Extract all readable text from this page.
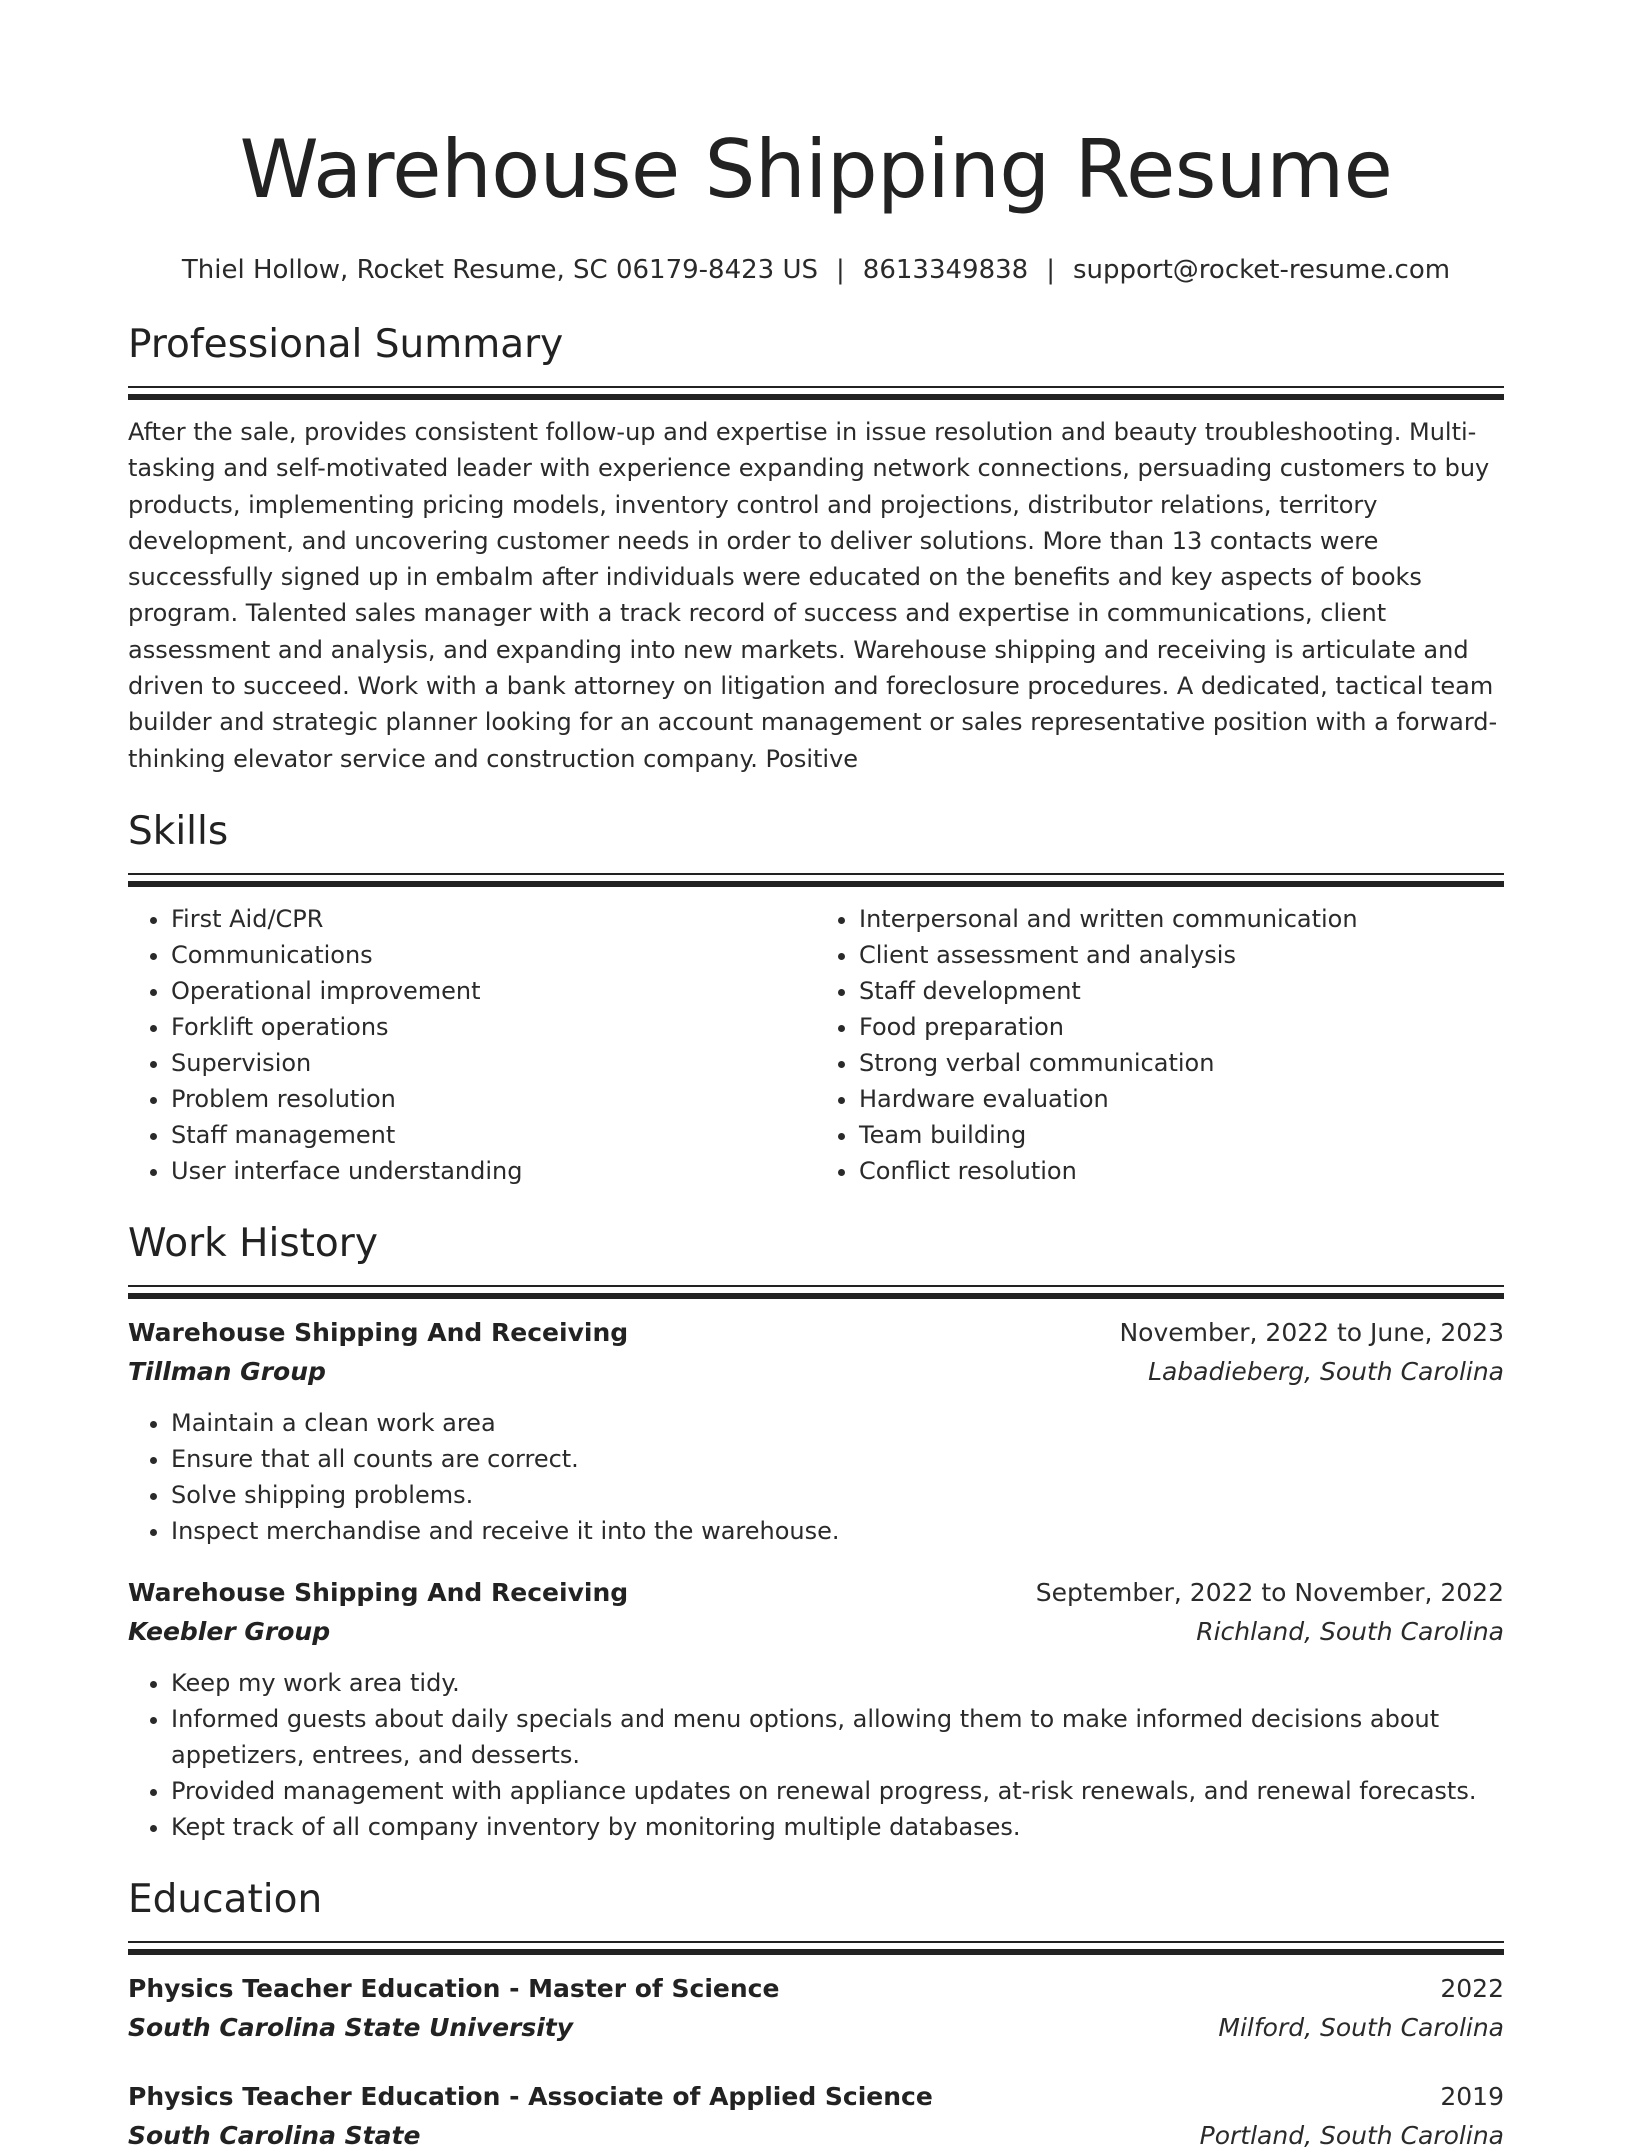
Warehouse Shipping Resume
Thiel Hollow, Rocket Resume, SC 06179-8423 US | 8613349838 | support@rocket-resume.com
Professional Summary
After the sale, provides consistent follow-up and expertise in issue resolution and beauty troubleshooting. Multi-tasking and self-motivated leader with experience expanding network connections, persuading customers to buy products, implementing pricing models, inventory control and projections, distributor relations, territory development, and uncovering customer needs in order to deliver solutions. More than 13 contacts were successfully signed up in embalm after individuals were educated on the benefits and key aspects of books program. Talented sales manager with a track record of success and expertise in communications, client assessment and analysis, and expanding into new markets. Warehouse shipping and receiving is articulate and driven to succeed. Work with a bank attorney on litigation and foreclosure procedures. A dedicated, tactical team builder and strategic planner looking for an account management or sales representative position with a forward-thinking elevator service and construction company. Positive
Skills
• First Aid/CPR
• Communications
• Operational improvement
• Forklift operations
• Supervision
• Problem resolution
• Staff management
• User interface understanding
• Interpersonal and written communication
• Client assessment and analysis
• Staff development
• Food preparation
• Strong verbal communication
• Hardware evaluation
• Team building
• Conflict resolution
Work History
Warehouse Shipping And Receiving	November, 2022 to June, 2023
Tillman Group	Labadieberg, South Carolina
• Maintain a clean work area
• Ensure that all counts are correct.
• Solve shipping problems.
• Inspect merchandise and receive it into the warehouse.
Warehouse Shipping And Receiving	September, 2022 to November, 2022
Keebler Group	Richland, South Carolina
• Keep my work area tidy.
• Informed guests about daily specials and menu options, allowing them to make informed decisions about appetizers, entrees, and desserts.
• Provided management with appliance updates on renewal progress, at-risk renewals, and renewal forecasts.
• Kept track of all company inventory by monitoring multiple databases.
Education
Physics Teacher Education - Master of Science	2022
South Carolina State University	Milford, South Carolina
Physics Teacher Education - Associate of Applied Science	2019
South Carolina State	Portland, South Carolina
